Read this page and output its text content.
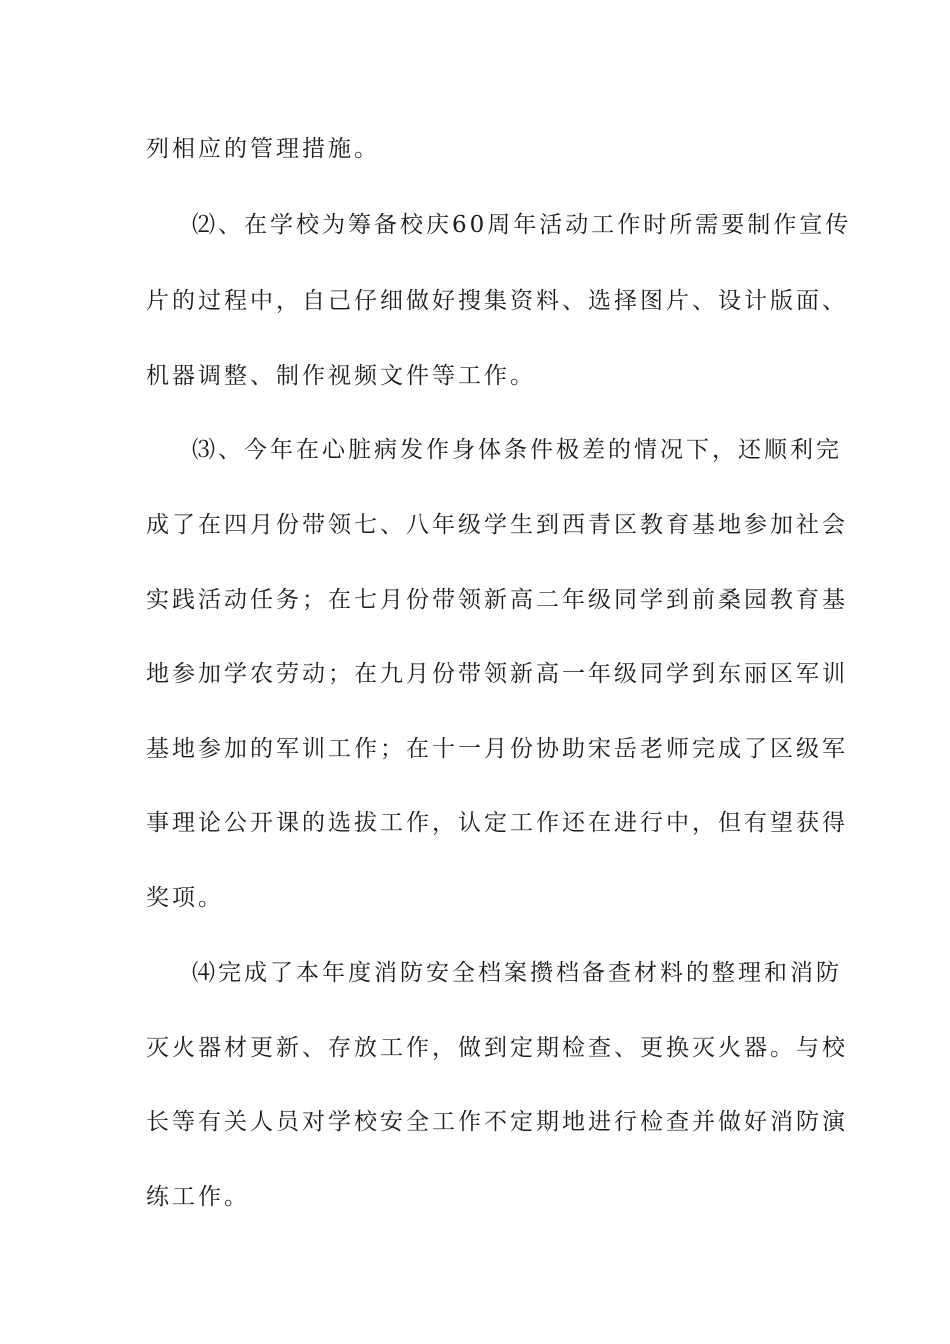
列相应的管理措施。
⑵、在学校为筹备校庆60周年活动工作时所需要制作宣传
片的过程中，自己仔细做好搜集资料、选择图片、设计版面、
机器调整、制作视频文件等工作。
⑶、今年在心脏病发作身体条件极差的情况下，还顺利完
成了在四月份带领七、八年级学生到西青区教育基地参加社会
实践活动任务；在七月份带领新高二年级同学到前桑园教育基
地参加学农劳动；在九月份带领新高一年级同学到东丽区军训
基地参加的军训工作；在十一月份协助宋岳老师完成了区级军
事理论公开课的选拔工作，认定工作还在进行中，但有望获得
奖项。
⑷完成了本年度消防安全档案攒档备查材料的整理和消防
灭火器材更新、存放工作，做到定期检查、更换灭火器。与校
长等有关人员对学校安全工作不定期地进行检查并做好消防演
练工作。
